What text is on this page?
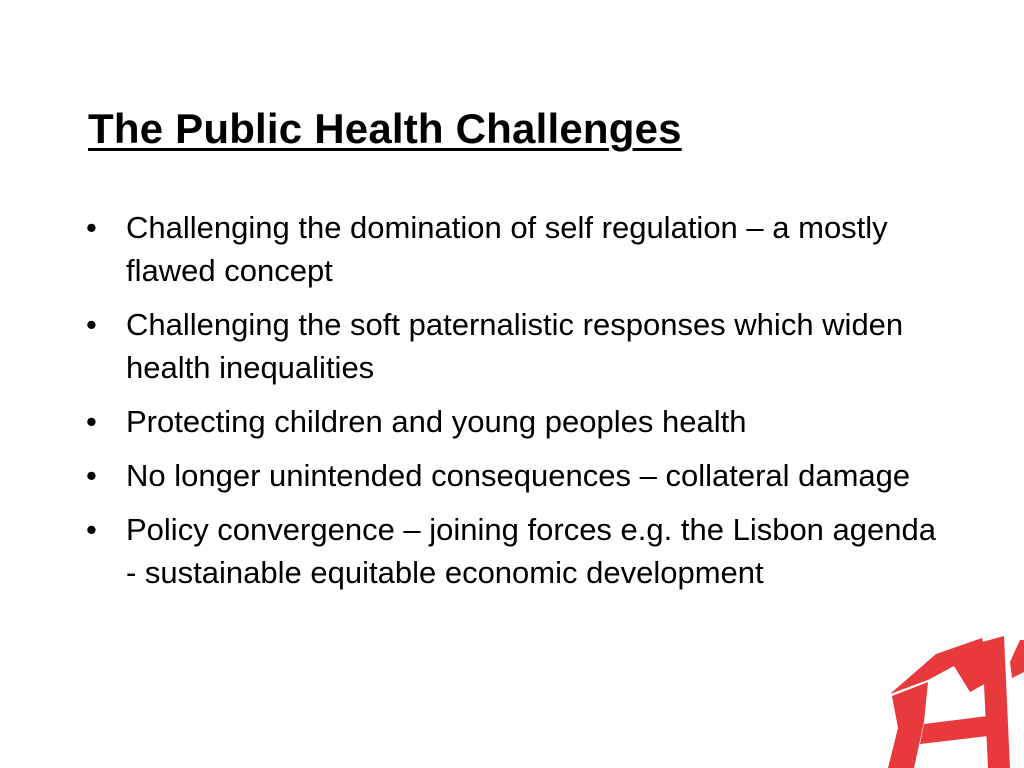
The Public Health Challenges
• Challenging the domination of self regulation – a mostly flawed concept
• Challenging the soft paternalistic responses which widen health inequalities
• Protecting children and young peoples health
• No longer unintended consequences – collateral damage
• Policy convergence – joining forces e.g. the Lisbon agenda - sustainable equitable economic development
